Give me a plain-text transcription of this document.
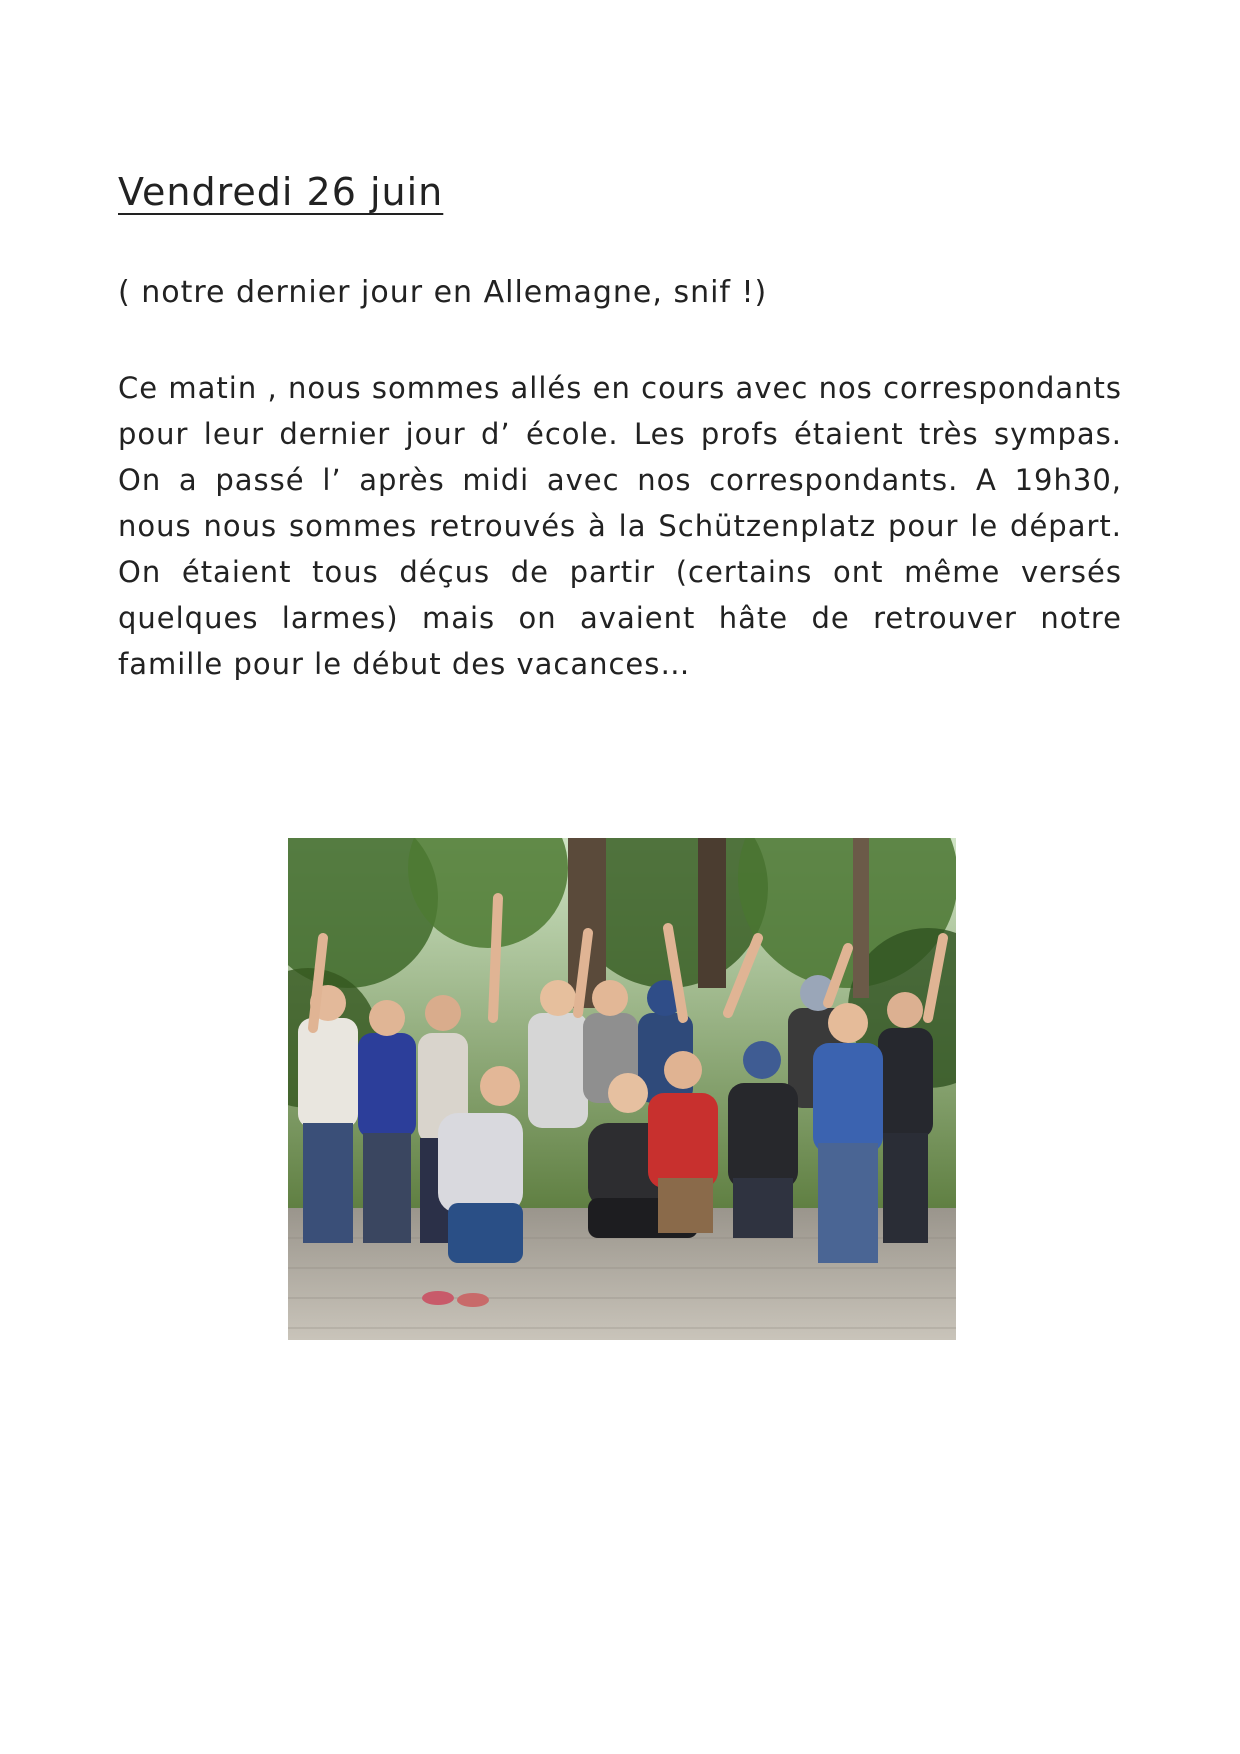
Vendredi 26 juin

( notre dernier jour en Allemagne, snif !)

Ce matin , nous sommes allés en cours avec nos correspondants pour leur dernier jour d’ école. Les profs étaient très sympas. On a passé l’ après midi avec nos correspondants. A 19h30, nous nous sommes retrouvés à la Schützenplatz pour le départ. On étaient tous déçus de partir (certains ont même versés quelques larmes) mais on avaient hâte de retrouver notre famille pour le début des vacances…
